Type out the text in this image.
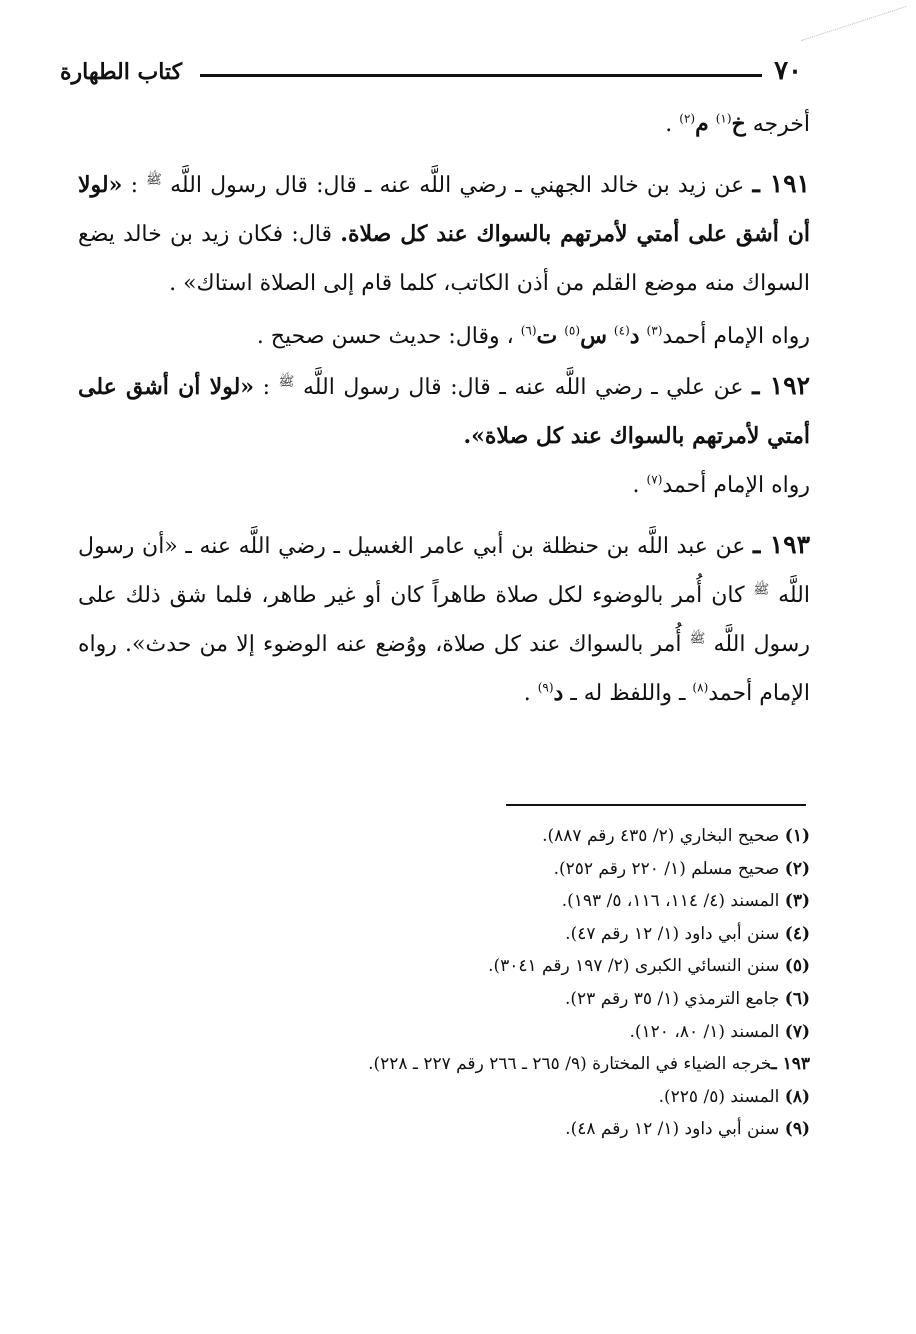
٧٠
كتاب الطهارة

أخرجه خ$^{(١)}$ م$^{(٢)}$ .

١٩١ ـ عن زيد بن خالد الجهني ـ رضي اللَّه عنه ـ قال: قال رسول اللَّه $^ﷺ$ : «لولا أن أشق على أمتي لأمرتهم بالسواك عند كل صلاة. قال: فكان زيد بن خالد يضع السواك منه موضع القلم من أذن الكاتب، كلما قام إلى الصلاة استاك» .

رواه الإمام أحمد$^{(٣)}$ د$^{(٤)}$ س$^{(٥)}$ ت$^{(٦)}$ ، وقال: حديث حسن صحيح .

١٩٢ ـ عن علي ـ رضي اللَّه عنه ـ قال: قال رسول اللَّه $^ﷺ$ : «لولا أن أشق على أمتي لأمرتهم بالسواك عند كل صلاة».

رواه الإمام أحمد$^{(٧)}$ .

١٩٣ ـ عن عبد اللَّه بن حنظلة بن أبي عامر الغسيل ـ رضي اللَّه عنه ـ «أن رسول اللَّه $^ﷺ$ كان أُمر بالوضوء لكل صلاة طاهراً كان أو غير طاهر، فلما شق ذلك على رسول اللَّه $^ﷺ$ أُمر بالسواك عند كل صلاة، ووُضع عنه الوضوء إلا من حدث». رواه الإمام أحمد$^{(٨)}$ ـ واللفظ له ـ د$^{(٩)}$ .

(١) صحيح البخاري (٢/ ٤٣٥ رقم ٨٨٧).

(٢) صحيح مسلم (١/ ٢٢٠ رقم ٢٥٢).

(٣) المسند (٤/ ١١٤، ١١٦، ٥/ ١٩٣).

(٤) سنن أبي داود (١/ ١٢ رقم ٤٧).

(٥) سنن النسائي الكبرى (٢/ ١٩٧ رقم ٣٠٤١).

(٦) جامع الترمذي (١/ ٣٥ رقم ٢٣).

(٧) المسند (١/ ٨٠، ١٢٠).

١٩٣ ـخرجه الضياء في المختارة (٩/ ٢٦٥ ـ ٢٦٦ رقم ٢٢٧ ـ ٢٢٨).

(٨) المسند (٥/ ٢٢٥).

(٩) سنن أبي داود (١/ ١٢ رقم ٤٨).
